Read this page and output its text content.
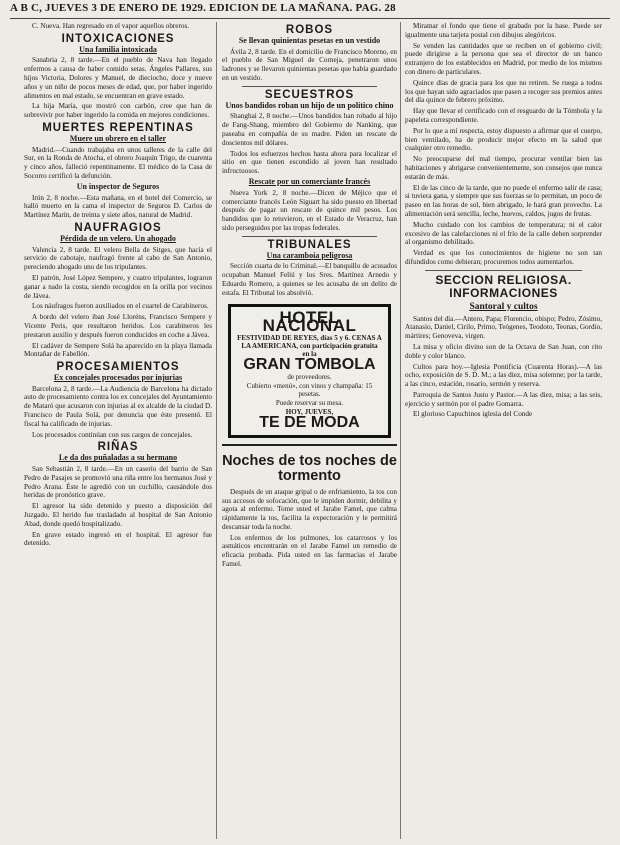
A B C, JUEVES 3 DE ENERO DE 1929. EDICION DE LA MAÑANA. PAG. 28

C. Nueva. Han regresado en el vapor aquellos obreros.

INTOXICACIONES
Una familia intoxicada

Sanabria 2, 8 tarde.—En el pueblo de Nava han llegado enfermos a causa de haber comido setas. Ángeles Pallares, sus hijos Victoria, Dolores y Manuel, de dieciocho, doce y nueve años y un niño de pocos meses de edad, que, por haber ingerido alimentos en mal estado, se encuentran en grave estado.

La hija María, que mostró con carbón, cree que han de sobrevivir por haber ingerido la comida en mejores condiciones.

MUERTES REPENTINAS
Muere un obrero en el taller

Madrid.—Cuando trabajaba en unos talleres de la calle del Sur, en la Ronda de Atocha, el obrero Joaquín Trigo, de cuarenta y cinco años, falleció repentinamente. El médico de la Casa de Socorro certificó la defunción.

Un inspector de Seguros

Irún 2, 8 noche.—Esta mañana, en el hotel del Comercio, se halló muerto en la cama el inspector de Seguros D. Carlos de Martínez Marín, de treinta y siete años, natural de Madrid.

NAUFRAGIOS
Pérdida de un velero. Un ahogado

Valencia 2, 8 tarde. El velero Bella de Sitges, que hacía el servicio de cabotaje, naufragó frente al cabo de San Antonio, pereciendo ahogado uno de los tripulantes.

El patrón, José López Sempere, y cuatro tripulantes, lograron ganar a nado la costa, siendo recogidos en la orilla por vecinos de Jávea.

Los náufragos fueron auxiliados en el cuartel de Carabineros.

A bordo del velero iban José Lloréns, Francisco Sempere y Vicente Peris, que resultaron heridos. Los carabineros les prestaron auxilio y después fueron conducidos en coche a Jávea.

El cadáver de Sempere Solá ha aparecido en la playa llamada Montañar de Fabellón.

PROCESAMIENTOS
Ex concejales procesados por injurias

Barcelona 2, 8 tarde.—La Audiencia de Barcelona ha dictado auto de procesamiento contra los ex concejales del Ayuntamiento de Mataró que acusaron con injurias al ex alcalde de la ciudad D. Francisco de Paula Solá, por denuncia que éste presentó. El fiscal ha calificado de injurias.

Los procesados continúan con sus cargos de concejales.

RIÑAS
Le da dos puñaladas a su hermano

San Sebastián 2, 8 tarde.—En un caserío del barrio de San Pedro de Pasajes se promovió una riña entre los hermanos José y Pedro Arana. Éste le agredió con un cuchillo, causándole dos heridas de pronóstico grave.

El agresor ha sido detenido y puesto a disposición del Juzgado. El herido fue trasladado al hospital de San Antonio Abad, donde quedó hospitalizado.

En grave estado ingresó en el hospital. El agresor fue detenido.

ROBOS
Se llevan quinientas pesetas en un vestido

Ávila 2, 8 tarde. En el domicilio de Francisco Moreno, en el pueblo de San Miguel de Corneja, penetraron unos ladrones y se llevaron quinientas pesetas que había guardado en un vestido.

SECUESTROS
Unos bandidos roban un hijo de un político chino

Shanghai 2, 8 noche.—Unos bandidos han robado al hijo de Fang-Shang, miembro del Gobierno de Nanking, que paseaba en compañía de su madre. Piden un rescate de doscientos mil dólares.

Todos los esfuerzos hechos hasta ahora para localizar el sitio en que tienen escondido al joven han resultado infructuosos.

Rescate por un comerciante francés

Nueva York 2, 8 noche.—Dicen de Méjico que el comerciante francés León Siguart ha sido puesto en libertad después de pagar un rescate de quince mil pesos. Los bandidos que lo retuvieron, en el Estado de Veracruz, han sido perseguidos por las tropas federales.

TRIBUNALES
Una caramboía peligrosa

Sección cuarta de lo Criminal.—El banquillo de acusados ocupaban Manuel Feliú y los Sres. Martínez Arnedo y Eduardo Romero, a quienes se les acusaba de un delito de estafa. El Tribunal los absolvió.

HOTEL NACIONAL
FESTIVIDAD DE REYES, días 5 y 6. CENAS A LA AMERICANA, con participación gratuita en la
GRAN TOMBOLA
de proveedores.
Cubierto «menú», con vinos y champaña: 15 pesetas.
Puede reservar su mesa.
HOY, JUEVES,
TE DE MODA
Noches de tos noches de tormento

Después de un ataque gripal o de enfriamiento, la tos con sus accesos de sofocación, que le impiden dormir, debilita y agota al enfermo. Tome usted el Jarabe Famel, que calma rápidamente la tos, facilita la expectoración y le permitirá descansar toda la noche.

Los enfermos de los pulmones, los catarrosos y los asmáticos encontrarán en el Jarabe Famel un remedio de eficacia probada. Pida usted en las farmacias el Jarabe Famel.

Miramar el fondo que tiene el grabado por la base. Puede ser igualmente una tarjeta postal con dibujos alegóricos.

Se venden las cantidades que se reciben en el gobierno civil; puede dirigirse a la persona que sea el director de un banco extranjero de los establecidos en Madrid, por medio de los mismos con dinero de particulares.

Quince días de gracia para los que no retiren. Se ruega a todos los que hayan sido agraciados que pasen a recoger sus premios antes del día quince de febrero próximo.

Hay que llevar el certificado con el resguardo de la Tómbola y la papeleta correspondiente.

Por lo que a mí respecta, estoy dispuesto a afirmar que el cuerpo, bien ventilado, ha de producir mejor efecto en la salud que cualquier otro remedio.

No preocuparse del mal tiempo, procurar ventilar bien las habitaciones y abrigarse convenientemente, son consejos que nunca estarán de más.

El de las cinco de la tarde, que no puede el enfermo salir de casa; si tuviera gana, y siempre que sus fuerzas se lo permitan, un poco de paseo en las horas de sol, bien abrigado, le hará gran provecho. La alimentación será sencilla, leche, huevos, caldos, jugos de frutas.

Mucho cuidado con los cambios de temperatura; ni el calor excesivo de las calefacciones ni el frío de la calle deben sorprender al organismo debilitado.

Verdad es que los conocimientos de higiene no son tan difundidos como debieran; procuremos todos aumentarlos.

SECCION RELIGIOSA. INFORMACIONES
Santoral y cultos

Santos del día.—Antero, Papa; Florencio, obispo; Pedro, Zósimo, Atanasio, Daniel, Cirilo, Primo, Teógenes, Teodoto, Teonas, Gordio, mártires; Genoveva, virgen.

La misa y oficio divino son de la Octava de San Juan, con rito doble y color blanco.

Cultos para hoy.—Iglesia Pontificia (Cuarenta Horas).—A las ocho, exposición de S. D. M.; a las diez, misa solemne; por la tarde, a las cinco, estación, rosario, sermón y reserva.

Parroquia de Santos Justo y Pastor.—A las diez, misa; a las seis, ejercicio y sermón por el padre Gomarra.

El glorioso Capuchinos iglesia del Conde
